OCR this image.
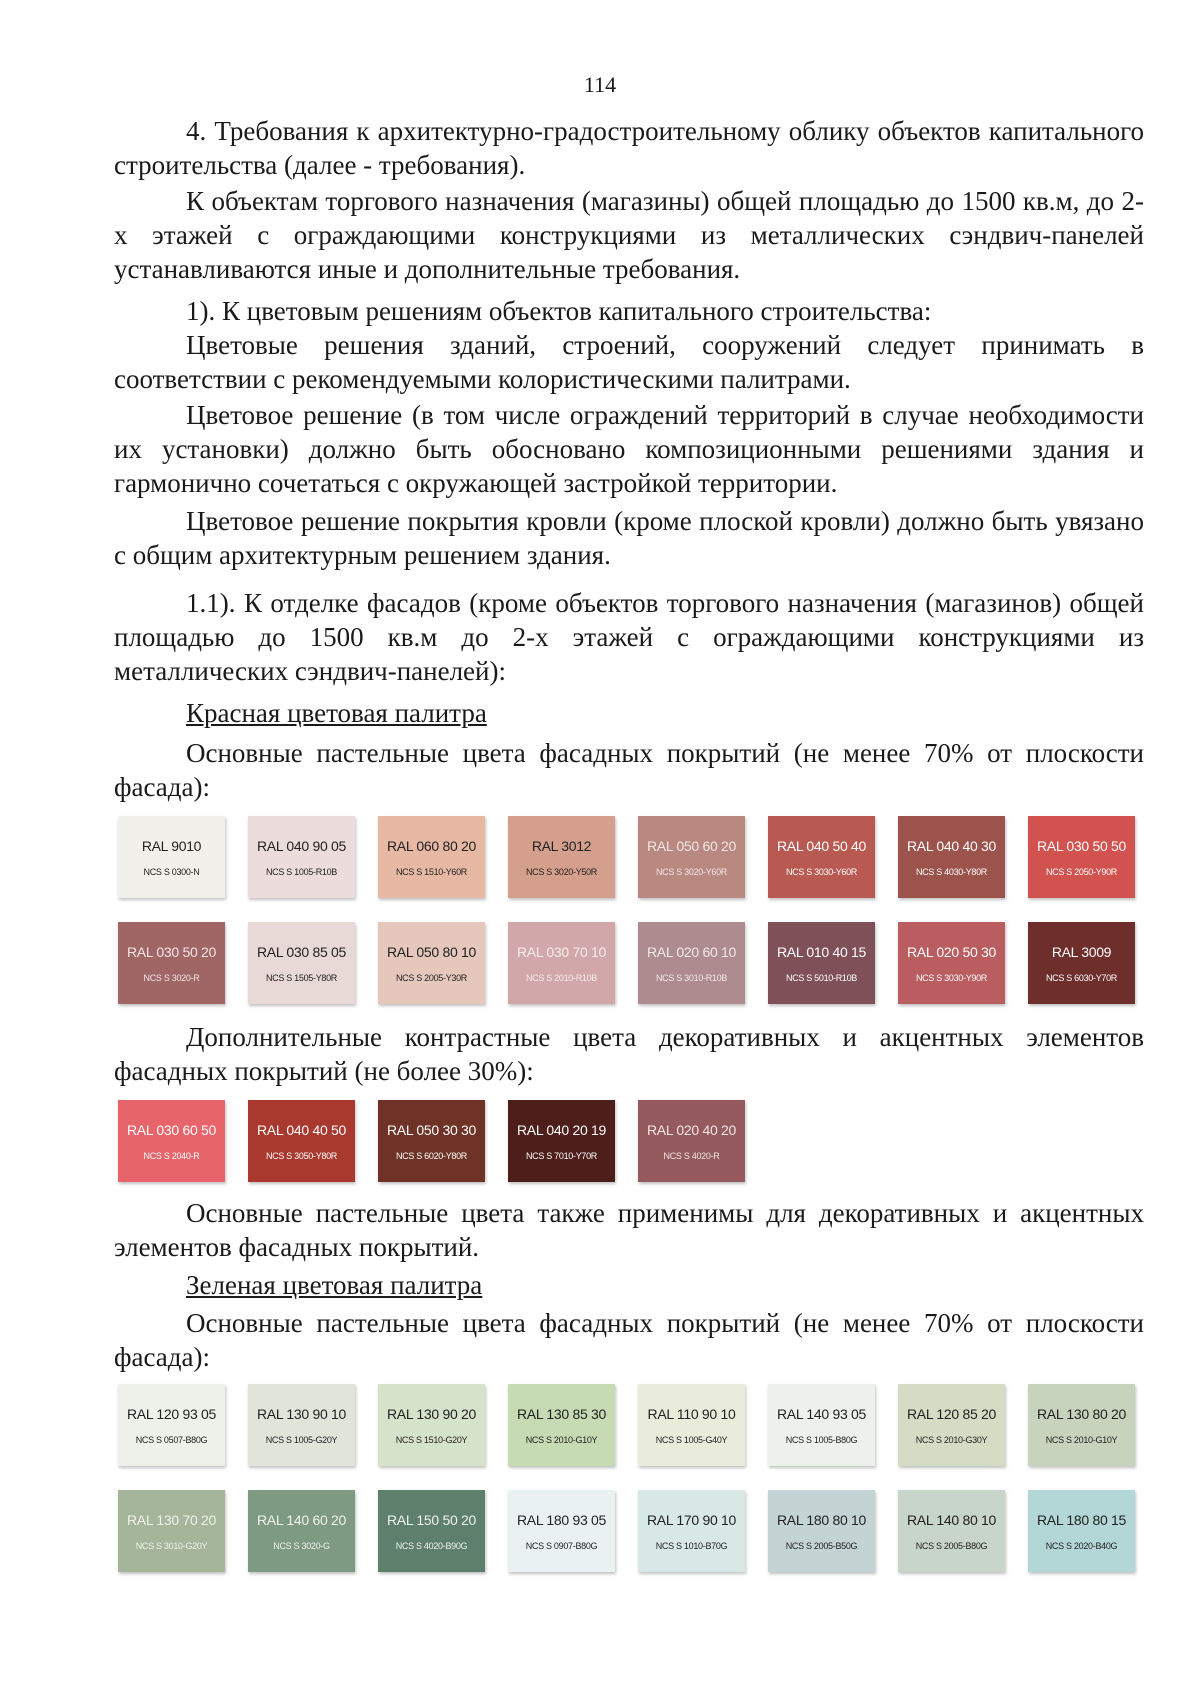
114
4. Требования к архитектурно-градостроительному облику объектов капитального строительства (далее - требования).
К объектам торгового назначения (магазины) общей площадью до 1500 кв.м, до 2-х этажей с ограждающими конструкциями из металлических сэндвич-панелей устанавливаются иные и дополнительные требования.
1). К цветовым решениям объектов капитального строительства:
Цветовые решения зданий, строений, сооружений следует принимать в соответствии с рекомендуемыми колористическими палитрами.
Цветовое решение (в том числе ограждений территорий в случае необходимости их установки) должно быть обосновано композиционными решениями здания и гармонично сочетаться с окружающей застройкой территории.
Цветовое решение покрытия кровли (кроме плоской кровли) должно быть увязано с общим архитектурным решением здания.
1.1). К отделке фасадов (кроме объектов торгового назначения (магазинов) общей площадью до 1500 кв.м до 2-х этажей с ограждающими конструкциями из металлических сэндвич-панелей):
Красная цветовая палитра
Основные пастельные цвета фасадных покрытий (не менее 70% от плоскости фасада):
RAL 9010
NCS S 0300-N
RAL 040 90 05
NCS S 1005-R10B
RAL 060 80 20
NCS S 1510-Y60R
RAL 3012
NCS S 3020-Y50R
RAL 050 60 20
NCS S 3020-Y60R
RAL 040 50 40
NCS S 3030-Y60R
RAL 040 40 30
NCS S 4030-Y80R
RAL 030 50 50
NCS S 2050-Y90R
RAL 030 50 20
NCS S 3020-R
RAL 030 85 05
NCS S 1505-Y80R
RAL 050 80 10
NCS S 2005-Y30R
RAL 030 70 10
NCS S 2010-R10B
RAL 020 60 10
NCS S 3010-R10B
RAL 010 40 15
NCS S 5010-R10B
RAL 020 50 30
NCS S 3030-Y90R
RAL 3009
NCS S 6030-Y70R
Дополнительные контрастные цвета декоративных и акцентных элементов фасадных покрытий (не более 30%):
RAL 030 60 50
NCS S 2040-R
RAL 040 40 50
NCS S 3050-Y80R
RAL 050 30 30
NCS S 6020-Y80R
RAL 040 20 19
NCS S 7010-Y70R
RAL 020 40 20
NCS S 4020-R
Основные пастельные цвета также применимы для декоративных и акцентных элементов фасадных покрытий.
Зеленая цветовая палитра
Основные пастельные цвета фасадных покрытий (не менее 70% от плоскости фасада):
RAL 120 93 05
NCS S 0507-B80G
RAL 130 90 10
NCS S 1005-G20Y
RAL 130 90 20
NCS S 1510-G20Y
RAL 130 85 30
NCS S 2010-G10Y
RAL 110 90 10
NCS S 1005-G40Y
RAL 140 93 05
NCS S 1005-B80G
RAL 120 85 20
NCS S 2010-G30Y
RAL 130 80 20
NCS S 2010-G10Y
RAL 130 70 20
NCS S 3010-G20Y
RAL 140 60 20
NCS S 3020-G
RAL 150 50 20
NCS S 4020-B90G
RAL 180 93 05
NCS S 0907-B80G
RAL 170 90 10
NCS S 1010-B70G
RAL 180 80 10
NCS S 2005-B50G
RAL 140 80 10
NCS S 2005-B80G
RAL 180 80 15
NCS S 2020-B40G
